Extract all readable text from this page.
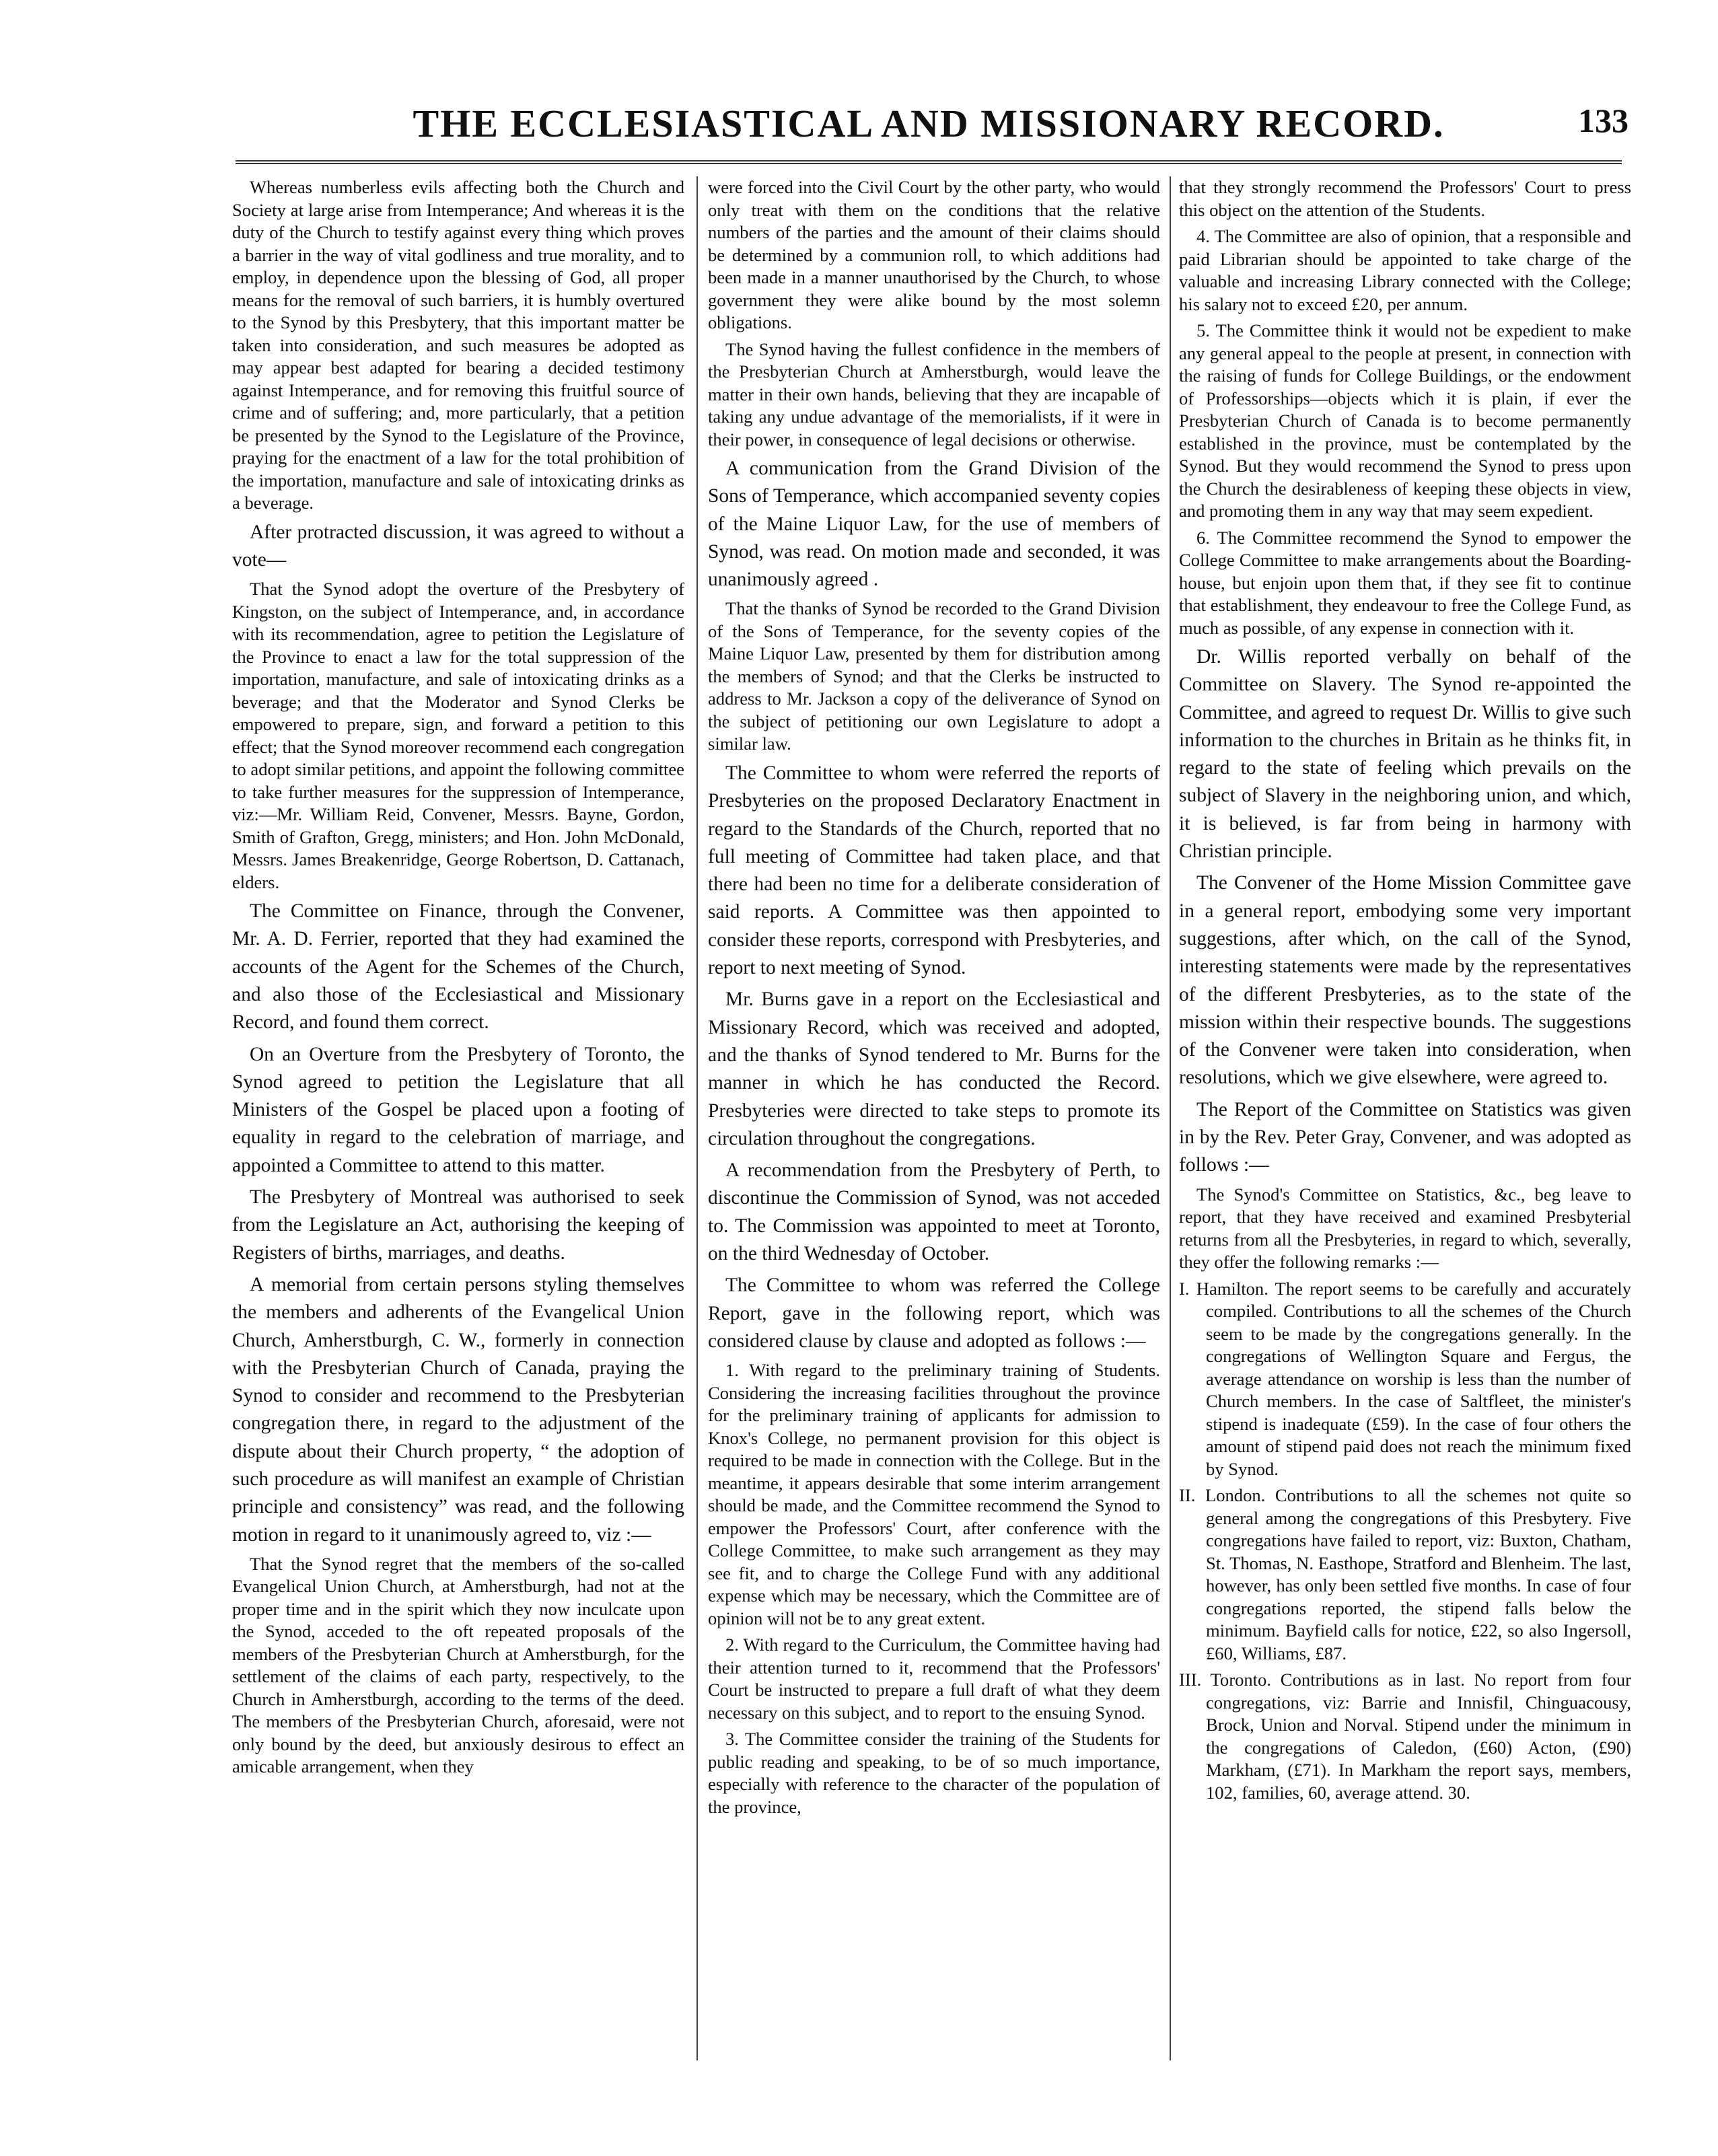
THE ECCLESIASTICAL AND MISSIONARY RECORD.	133

Whereas numberless evils affecting both the Church and Society at large arise from Intemperance; And whereas it is the duty of the Church to testify against every thing which proves a barrier in the way of vital godliness and true morality, and to employ, in dependence upon the blessing of God, all proper means for the removal of such barriers, it is humbly overtured to the Synod by this Presbytery, that this important matter be taken into consideration, and such measures be adopted as may appear best adapted for bearing a decided testimony against Intemperance, and for removing this fruitful source of crime and of suffering; and, more particularly, that a petition be presented by the Synod to the Legislature of the Province, praying for the enactment of a law for the total prohibition of the importation, manufacture and sale of intoxicating drinks as a beverage.

After protracted discussion, it was agreed to without a vote—

That the Synod adopt the overture of the Presbytery of Kingston, on the subject of Intemperance, and, in accordance with its recommendation, agree to petition the Legislature of the Province to enact a law for the total suppression of the importation, manufacture, and sale of intoxicating drinks as a beverage; and that the Moderator and Synod Clerks be empowered to prepare, sign, and forward a petition to this effect; that the Synod moreover recommend each congregation to adopt similar petitions, and appoint the following committee to take further measures for the suppression of Intemperance, viz:—Mr. William Reid, Convener, Messrs. Bayne, Gordon, Smith of Grafton, Gregg, ministers; and Hon. John McDonald, Messrs. James Breakenridge, George Robertson, D. Cattanach, elders.

The Committee on Finance, through the Convener, Mr. A. D. Ferrier, reported that they had examined the accounts of the Agent for the Schemes of the Church, and also those of the Ecclesiastical and Missionary Record, and found them correct.

On an Overture from the Presbytery of Toronto, the Synod agreed to petition the Legislature that all Ministers of the Gospel be placed upon a footing of equality in regard to the celebration of marriage, and appointed a Committee to attend to this matter.

The Presbytery of Montreal was authorised to seek from the Legislature an Act, authorising the keeping of Registers of births, marriages, and deaths.

A memorial from certain persons styling themselves the members and adherents of the Evangelical Union Church, Amherstburgh, C. W., formerly in connection with the Presbyterian Church of Canada, praying the Synod to consider and recommend to the Presbyterian congregation there, in regard to the adjustment of the dispute about their Church property, “ the adoption of such procedure as will manifest an example of Christian principle and consistency” was read, and the following motion in regard to it unanimously agreed to, viz :—

That the Synod regret that the members of the so-called Evangelical Union Church, at Amherstburgh, had not at the proper time and in the spirit which they now inculcate upon the Synod, acceded to the oft repeated proposals of the members of the Presbyterian Church at Amherstburgh, for the settlement of the claims of each party, respectively, to the Church in Amherstburgh, according to the terms of the deed. The members of the Presbyterian Church, aforesaid, were not only bound by the deed, but anxiously desirous to effect an amicable arrangement, when they

were forced into the Civil Court by the other party, who would only treat with them on the conditions that the relative numbers of the parties and the amount of their claims should be determined by a communion roll, to which additions had been made in a manner unauthorised by the Church, to whose government they were alike bound by the most solemn obligations.

The Synod having the fullest confidence in the members of the Presbyterian Church at Amherstburgh, would leave the matter in their own hands, believing that they are incapable of taking any undue advantage of the memorialists, if it were in their power, in consequence of legal decisions or otherwise.

A communication from the Grand Division of the Sons of Temperance, which accompanied seventy copies of the Maine Liquor Law, for the use of members of Synod, was read. On motion made and seconded, it was unanimously agreed .

That the thanks of Synod be recorded to the Grand Division of the Sons of Temperance, for the seventy copies of the Maine Liquor Law, presented by them for distribution among the members of Synod; and that the Clerks be instructed to address to Mr. Jackson a copy of the deliverance of Synod on the subject of petitioning our own Legislature to adopt a similar law.

The Committee to whom were referred the reports of Presbyteries on the proposed Declaratory Enactment in regard to the Standards of the Church, reported that no full meeting of Committee had taken place, and that there had been no time for a deliberate consideration of said reports. A Committee was then appointed to consider these reports, correspond with Presbyteries, and report to next meeting of Synod.

Mr. Burns gave in a report on the Ecclesiastical and Missionary Record, which was received and adopted, and the thanks of Synod tendered to Mr. Burns for the manner in which he has conducted the Record. Presbyteries were directed to take steps to promote its circulation throughout the congregations.

A recommendation from the Presbytery of Perth, to discontinue the Commission of Synod, was not acceded to. The Commission was appointed to meet at Toronto, on the third Wednesday of October.

The Committee to whom was referred the College Report, gave in the following report, which was considered clause by clause and adopted as follows :—

1. With regard to the preliminary training of Students. Considering the increasing facilities throughout the province for the preliminary training of applicants for admission to Knox's College, no permanent provision for this object is required to be made in connection with the College. But in the meantime, it appears desirable that some interim arrangement should be made, and the Committee recommend the Synod to empower the Professors' Court, after conference with the College Committee, to make such arrangement as they may see fit, and to charge the College Fund with any additional expense which may be necessary, which the Committee are of opinion will not be to any great extent.

2. With regard to the Curriculum, the Committee having had their attention turned to it, recommend that the Professors' Court be instructed to prepare a full draft of what they deem necessary on this subject, and to report to the ensuing Synod.

3. The Committee consider the training of the Students for public reading and speaking, to be of so much importance, especially with reference to the character of the population of the province,

that they strongly recommend the Professors' Court to press this object on the attention of the Students.

4. The Committee are also of opinion, that a responsible and paid Librarian should be appointed to take charge of the valuable and increasing Library connected with the College; his salary not to exceed £20, per annum.

5. The Committee think it would not be expedient to make any general appeal to the people at present, in connection with the raising of funds for College Buildings, or the endowment of Professorships—objects which it is plain, if ever the Presbyterian Church of Canada is to become permanently established in the province, must be contemplated by the Synod. But they would recommend the Synod to press upon the Church the desirableness of keeping these objects in view, and promoting them in any way that may seem expedient.

6. The Committee recommend the Synod to empower the College Committee to make arrangements about the Boarding-house, but enjoin upon them that, if they see fit to continue that establishment, they endeavour to free the College Fund, as much as possible, of any expense in connection with it.

Dr. Willis reported verbally on behalf of the Committee on Slavery. The Synod re-appointed the Committee, and agreed to request Dr. Willis to give such information to the churches in Britain as he thinks fit, in regard to the state of feeling which prevails on the subject of Slavery in the neighboring union, and which, it is believed, is far from being in harmony with Christian principle.

The Convener of the Home Mission Committee gave in a general report, embodying some very important suggestions, after which, on the call of the Synod, interesting statements were made by the representatives of the different Presbyteries, as to the state of the mission within their respective bounds. The suggestions of the Convener were taken into consideration, when resolutions, which we give elsewhere, were agreed to.

The Report of the Committee on Statistics was given in by the Rev. Peter Gray, Convener, and was adopted as follows :—

The Synod's Committee on Statistics, &c., beg leave to report, that they have received and examined Presbyterial returns from all the Presbyteries, in regard to which, severally, they offer the following remarks :—

I. Hamilton. The report seems to be carefully and accurately compiled. Contributions to all the schemes of the Church seem to be made by the congregations generally. In the congregations of Wellington Square and Fergus, the average attendance on worship is less than the number of Church members. In the case of Saltfleet, the minister's stipend is inadequate (£59). In the case of four others the amount of stipend paid does not reach the minimum fixed by Synod.

II. London. Contributions to all the schemes not quite so general among the congregations of this Presbytery. Five congregations have failed to report, viz: Buxton, Chatham, St. Thomas, N. Easthope, Stratford and Blenheim. The last, however, has only been settled five months. In case of four congregations reported, the stipend falls below the minimum. Bayfield calls for notice, £22, so also Ingersoll, £60, Williams, £87.

III. Toronto. Contributions as in last. No report from four congregations, viz: Barrie and Innisfil, Chinguacousy, Brock, Union and Norval. Stipend under the minimum in the congregations of Caledon, (£60) Acton, (£90) Markham, (£71). In Markham the report says, members, 102, families, 60, average attend. 30.
